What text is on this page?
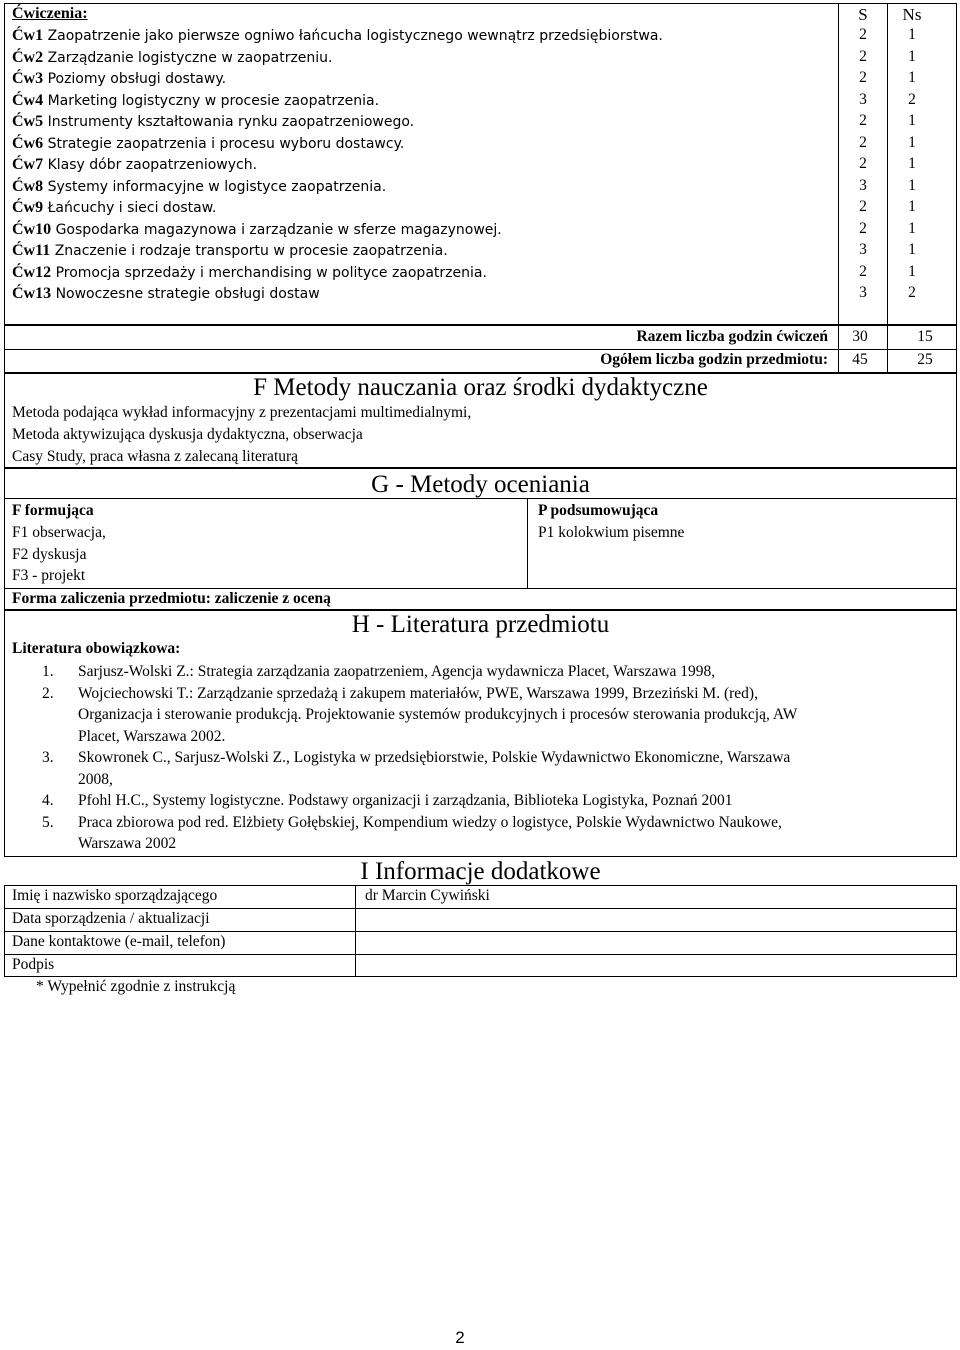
Ćwiczenia:	S	Ns
Ćw1 Zaopatrzenie jako pierwsze ogniwo łańcucha logistycznego wewnątrz przedsiębiorstwa.	2	1
Ćw2 Zarządzanie logistyczne w zaopatrzeniu.	2	1
Ćw3 Poziomy obsługi dostawy.	2	1
Ćw4 Marketing logistyczny w procesie zaopatrzenia.	3	2
Ćw5 Instrumenty kształtowania rynku zaopatrzeniowego.	2	1
Ćw6 Strategie zaopatrzenia i procesu wyboru dostawcy.	2	1
Ćw7 Klasy dóbr zaopatrzeniowych.	2	1
Ćw8 Systemy informacyjne w logistyce zaopatrzenia.	3	1
Ćw9 Łańcuchy i sieci dostaw.	2	1
Ćw10 Gospodarka magazynowa i zarządzanie w sferze magazynowej.	2	1
Ćw11 Znaczenie i rodzaje transportu w procesie zaopatrzenia.	3	1
Ćw12 Promocja sprzedaży i merchandising w polityce zaopatrzenia.	2	1
Ćw13 Nowoczesne strategie obsługi dostaw	3	2
Razem liczba godzin ćwiczeń	30	15
Ogółem liczba godzin przedmiotu:	45	25
F Metody nauczania oraz środki dydaktyczne
Metoda podająca wykład informacyjny z prezentacjami multimedialnymi,
Metoda aktywizująca dyskusja dydaktyczna, obserwacja
Casy Study, praca własna z zalecaną literaturą
G - Metody oceniania
F formująca
F1 obserwacja,
F2 dyskusja
F3 - projekt
P podsumowująca
P1 kolokwium pisemne
Forma zaliczenia przedmiotu: zaliczenie z oceną
H - Literatura przedmiotu
Literatura obowiązkowa:
1. Sarjusz-Wolski Z.: Strategia zarządzania zaopatrzeniem, Agencja wydawnicza Placet, Warszawa 1998,
2. Wojciechowski T.: Zarządzanie sprzedażą i zakupem materiałów, PWE, Warszawa 1999, Brzeziński M. (red),
Organizacja i sterowanie produkcją. Projektowanie systemów produkcyjnych i procesów sterowania produkcją, AW
Placet, Warszawa 2002.
3. Skowronek C., Sarjusz-Wolski Z., Logistyka w przedsiębiorstwie, Polskie Wydawnictwo Ekonomiczne, Warszawa
2008,
4. Pfohl H.C., Systemy logistyczne. Podstawy organizacji i zarządzania, Biblioteka Logistyka, Poznań 2001
5. Praca zbiorowa pod red. Elżbiety Gołębskiej, Kompendium wiedzy o logistyce, Polskie Wydawnictwo Naukowe,
Warszawa 2002
I Informacje dodatkowe
Imię i nazwisko sporządzającego	dr Marcin Cywiński
Data sporządzenia / aktualizacji
Dane kontaktowe (e-mail, telefon)
Podpis
* Wypełnić zgodnie z instrukcją
2
